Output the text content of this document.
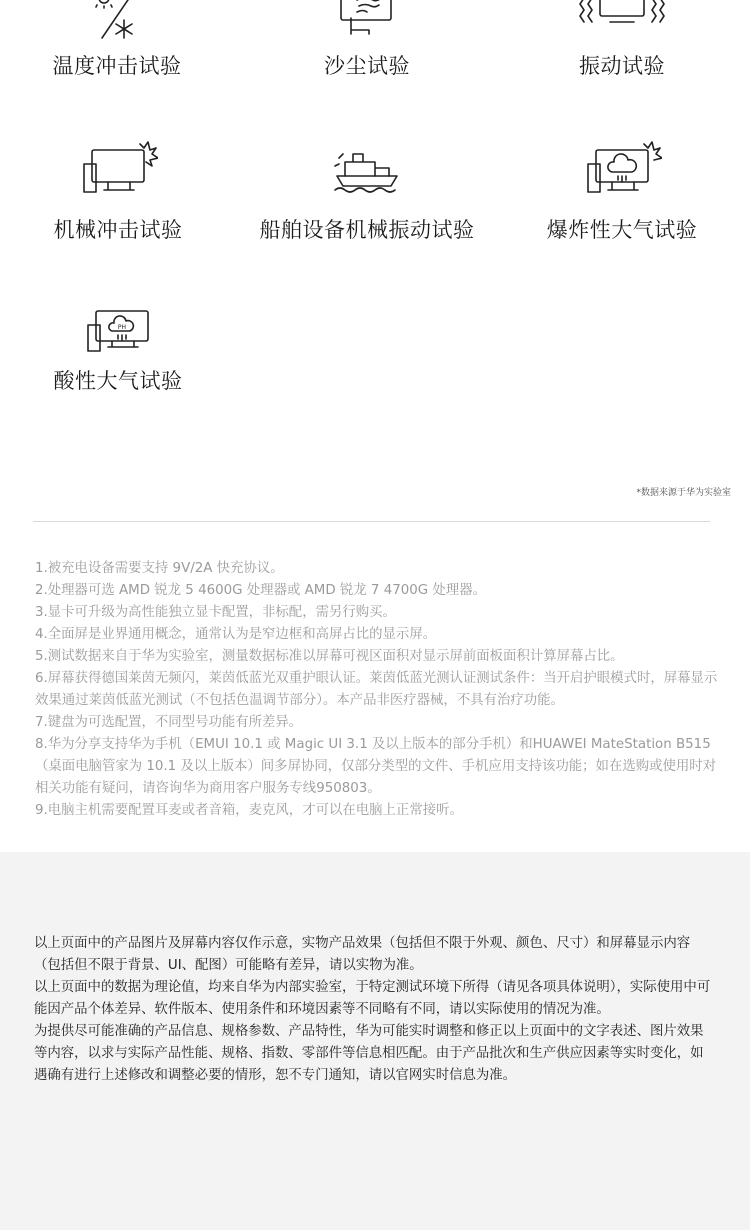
温度冲击试验	沙尘试验	振动试验
机械冲击试验	船舶设备机械振动试验	爆炸性大气试验
PH
酸性大气试验
*数据来源于华为实验室
1.被充电设备需要支持 9V/2A 快充协议。
2.处理器可选 AMD 锐龙 5 4600G 处理器或 AMD 锐龙 7 4700G 处理器。
3.显卡可升级为高性能独立显卡配置，非标配，需另行购买。
4.全面屏是业界通用概念，通常认为是窄边框和高屏占比的显示屏。
5.测试数据来自于华为实验室，测量数据标准以屏幕可视区面积对显示屏前面板面积计算屏幕占比。
6.屏幕获得德国莱茵无频闪，莱茵低蓝光双重护眼认证。莱茵低蓝光测认证测试条件：当开启护眼模式时，屏幕显示效果通过莱茵低蓝光测试（不包括色温调节部分）。本产品非医疗器械，不具有治疗功能。
7.键盘为可选配置，不同型号功能有所差异。
8.华为分享支持华为手机（EMUI 10.1 或 Magic UI 3.1 及以上版本的部分手机）和HUAWEI MateStation B515（桌面电脑管家为 10.1 及以上版本）间多屏协同，仅部分类型的文件、手机应用支持该功能；如在选购或使用时对相关功能有疑问，请咨询华为商用客户服务专线950803。
9.电脑主机需要配置耳麦或者音箱，麦克风，才可以在电脑上正常接听。

以上页面中的产品图片及屏幕内容仅作示意，实物产品效果（包括但不限于外观、颜色、尺寸）和屏幕显示内容（包括但不限于背景、UI、配图）可能略有差异，请以实物为准。

以上页面中的数据为理论值，均来自华为内部实验室，于特定测试环境下所得（请见各项具体说明），实际使用中可能因产品个体差异、软件版本、使用条件和环境因素等不同略有不同，请以实际使用的情况为准。

为提供尽可能准确的产品信息、规格参数、产品特性，华为可能实时调整和修正以上页面中的文字表述、图片效果等内容，以求与实际产品性能、规格、指数、零部件等信息相匹配。由于产品批次和生产供应因素等实时变化，如遇确有进行上述修改和调整必要的情形，恕不专门通知，请以官网实时信息为准。
